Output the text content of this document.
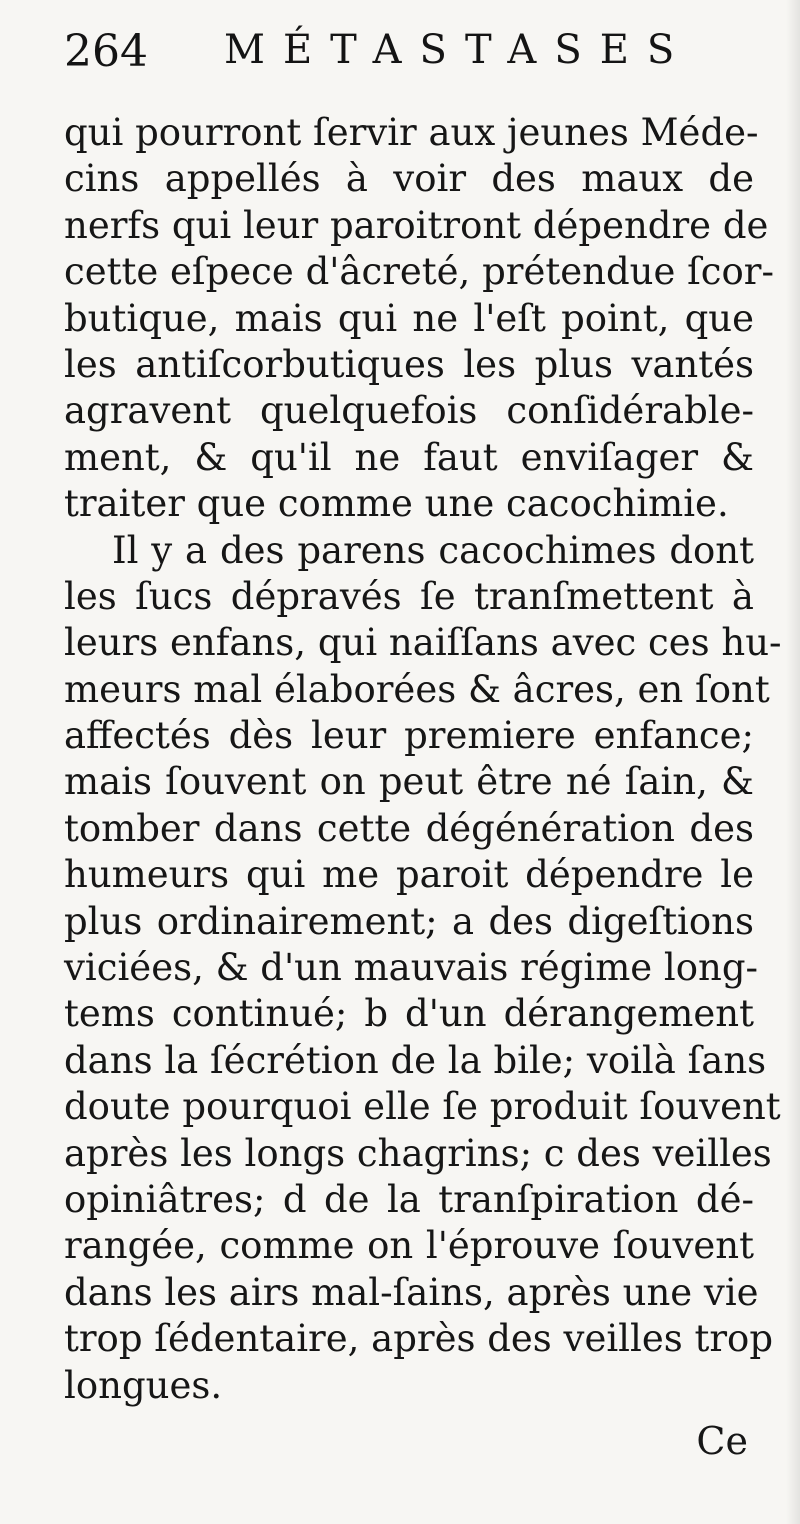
264 MÉTASTASES
qui pourront ſervir aux jeunes Méde-
cins appellés à voir des maux de
nerfs qui leur paroitront dépendre de
cette eſpece d'âcreté, prétendue ſcor-
butique, mais qui ne l'eſt point, que
les antiſcorbutiques les plus vantés
agravent quelquefois conſidérable-
ment, & qu'il ne faut enviſager &
traiter que comme une cacochimie.
Il y a des parens cacochimes dont
les ſucs dépravés ſe tranſmettent à
leurs enfans, qui naiſſans avec ces hu-
meurs mal élaborées & âcres, en ſont
affectés dès leur premiere enfance;
mais ſouvent on peut être né ſain, &
tomber dans cette dégénération des
humeurs qui me paroit dépendre le
plus ordinairement; a des digeſtions
viciées, & d'un mauvais régime long-
tems continué; b d'un dérangement
dans la ſécrétion de la bile; voilà ſans
doute pourquoi elle ſe produit ſouvent
après les longs chagrins; c des veilles
opiniâtres; d de la tranſpiration dé-
rangée, comme on l'éprouve ſouvent
dans les airs mal-ſains, après une vie
trop ſédentaire, après des veilles trop
longues.
Ce
